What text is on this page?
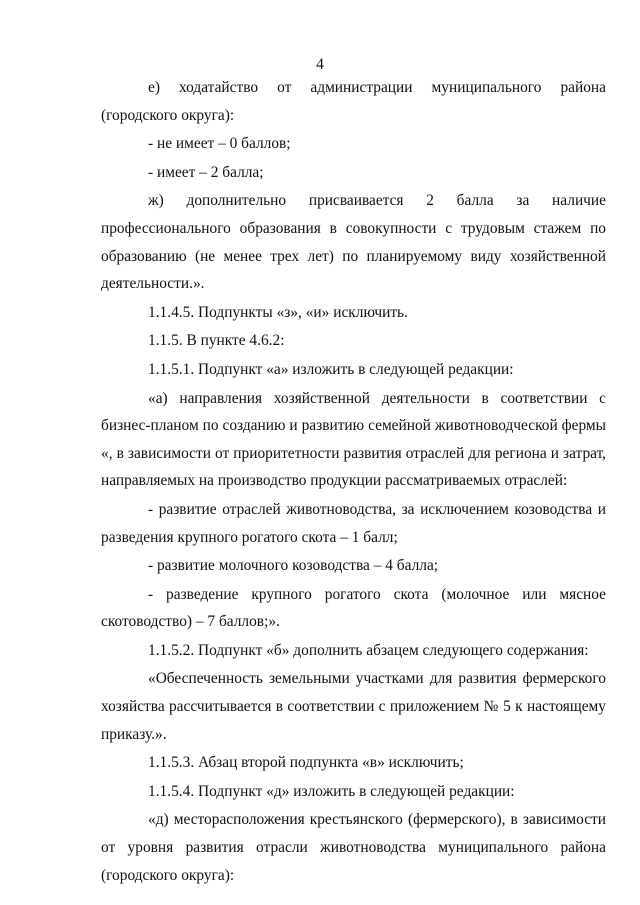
4

е) ходатайство от администрации муниципального района (городского округа):

- не имеет – 0 баллов;

- имеет – 2 балла;

ж) дополнительно присваивается 2 балла за наличие профессионального образования в совокупности с трудовым стажем по образованию (не менее трех лет) по планируемому виду хозяйственной деятельности.».

1.1.4.5. Подпункты «з», «и» исключить.

1.1.5. В пункте 4.6.2:

1.1.5.1. Подпункт «а» изложить в следующей редакции:

«а) направления хозяйственной деятельности в соответствии с бизнес-планом по созданию и развитию семейной животноводческой фермы «, в зависимости от приоритетности развития отраслей для региона и затрат, направляемых на производство продукции рассматриваемых отраслей:

- развитие отраслей животноводства, за исключением козоводства и разведения крупного рогатого скота – 1 балл;

- развитие молочного козоводства – 4 балла;

- разведение крупного рогатого скота (молочное или мясное скотоводство) – 7 баллов;».

1.1.5.2. Подпункт «б» дополнить абзацем следующего содержания:

«Обеспеченность земельными участками для развития фермерского хозяйства рассчитывается в соответствии с приложением № 5 к настоящему приказу.».

1.1.5.3. Абзац второй подпункта «в» исключить;

1.1.5.4. Подпункт «д» изложить в следующей редакции:

«д) месторасположения крестьянского (фермерского), в зависимости от уровня развития отрасли животноводства муниципального района (городского округа):
